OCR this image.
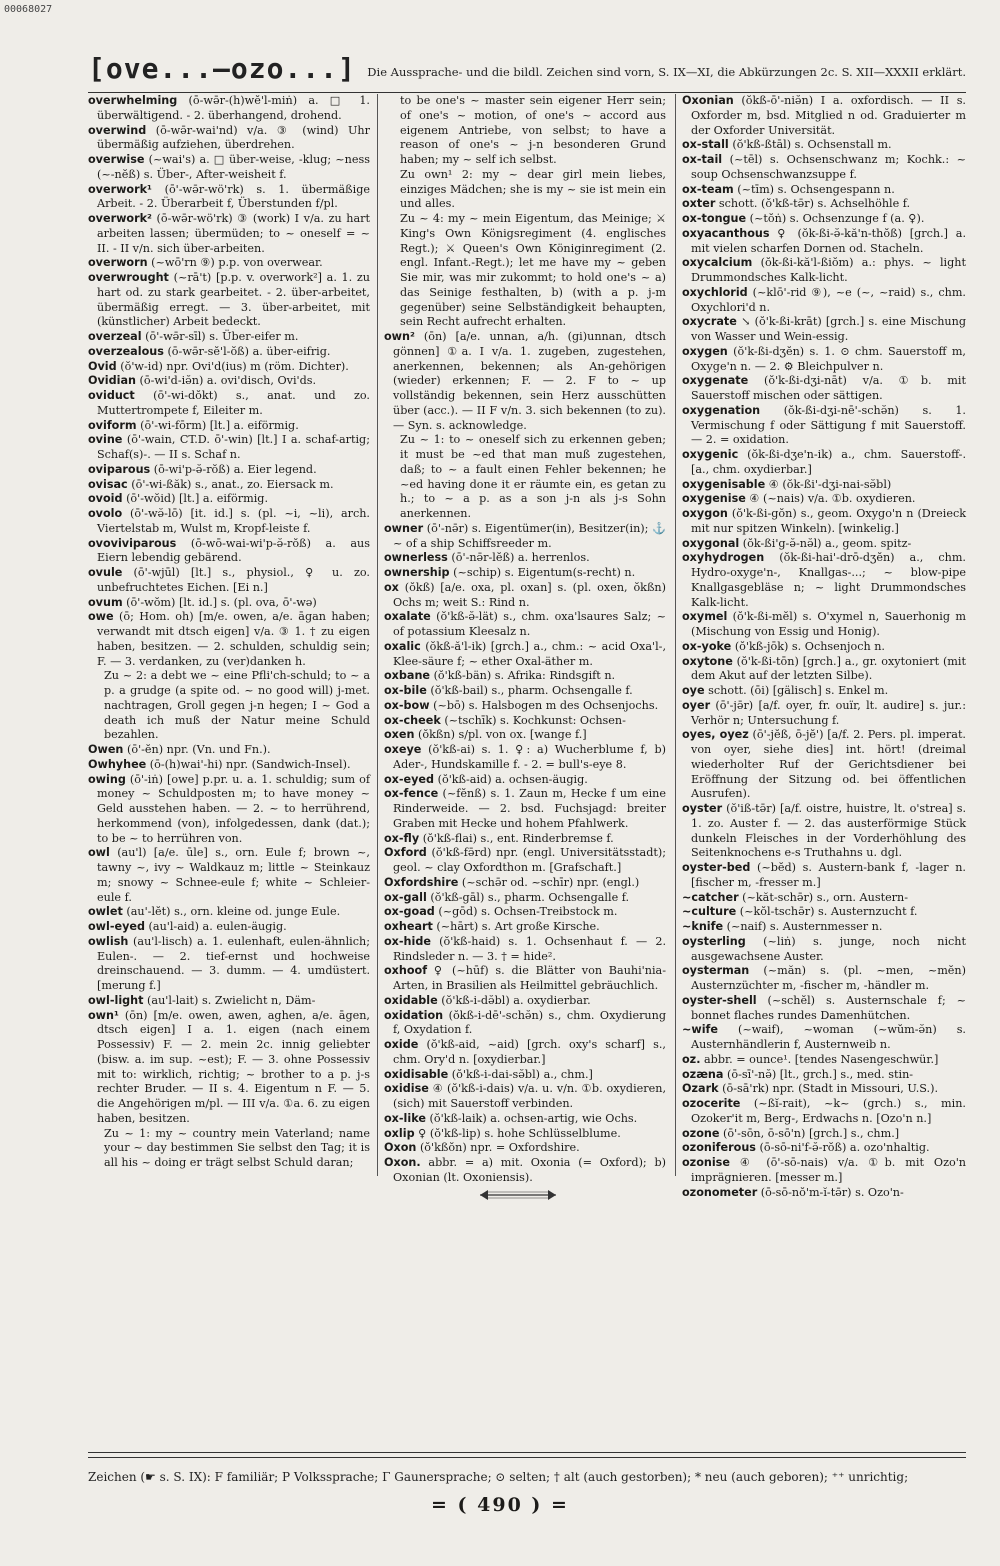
00068027
[ove...—ozo...] Die Aussprache- und die bildl. Zeichen sind vorn, S. IX—XI, die Abkürzungen 2c. S. XII—XXXII erklärt.

overwhelming (ō-wə̄r-(h)wĕ'l-miṅ) a. □ 1. überwältigend. - 2. überhangend, drohend.

overwind (ō-wə̄r-wai'nd) v/a. ③ (wind) Uhr übermäßig aufziehen, überdrehen.

overwise (~wai's) a. □ über-weise, -klug; ~ness (~-nĕß) s. Über-, After-weisheit f.

overwork¹ (ō'-wə̄r-wö'rk) s. 1. übermäßige Arbeit. - 2. Überarbeit f, Überstunden f/pl.

overwork² (ō-wə̄r-wö'rk) ③ (work) I v/a. zu hart arbeiten lassen; übermüden; to ~ oneself = ~ II. - II v/n. sich über-arbeiten.

overworn (~wō'rn ⑨) p.p. von overwear.

overwrought (~rā't) [p.p. v. overwork²] a. 1. zu hart od. zu stark gearbeitet. - 2. über-arbeitet, übermäßig erregt. — 3. über-arbeitet, mit (künstlicher) Arbeit bedeckt.

overzeal (ō'-wə̄r-sīl) s. Über-eifer m.

overzealous (ō-wə̄r-sĕ'l-ŏß) a. über-eifrig.

Ovid (ŏ'w-id) npr. Ovi'd(ius) m (röm. Dichter).

Ovidian (ō-wi'd-iə̆n) a. ovi'disch, Ovi'ds.

oviduct (ō'-wi-dŏkt) s., anat. und zo. Muttertrompete f, Eileiter m.

oviform (ō'-wi-fōrm) [lt.] a. eiförmig.

ovine (ō'-wain, CT.D. ō'-win) [lt.] I a. schaf-artig; Schaf(s)-. — II s. Schaf n.

oviparous (ō-wi'p-ə̆-rŏß) a. Eier legend.

ovisac (ō'-wi-ßăk) s., anat., zo. Eiersack m.

ovoid (ō'-wŏid) [lt.] a. eiförmig.

ovolo (ō'-wə̆-lō) [it. id.] s. (pl. ~i, ~li), arch. Viertelstab m, Wulst m, Kropf-leiste f.

ovoviviparous (ō-wō-wai-wi'p-ə̆-rŏß) a. aus Eiern lebendig gebärend.

ovule (ō'-wjūl) [lt.] s., physiol., ♀ u. zo. unbefruchtetes Eichen. [Ei n.]

ovum (ō'-wŏm) [lt. id.] s. (pl. ova, ō'-wə)

owe (ō; Hom. oh) [m/e. owen, a/e. āgan haben; verwandt mit dtsch eigen] v/a. ③ 1. † zu eigen haben, besitzen. — 2. schulden, schuldig sein; F. — 3. verdanken, zu (ver)danken h.

Zu ~ 2: a debt we ~ eine Pfli'ch-schuld; to ~ a p. a grudge (a spite od. ~ no good will) j-met. nachtragen, Groll gegen j-n hegen; I ~ God a death ich muß der Natur meine Schuld bezahlen.

Owen (ō'-ĕn) npr. (Vn. und Fn.).

Owhyhee (ō-(h)wai'-hi) npr. (Sandwich-Insel).

owing (ō'-iṅ) [owe] p.pr. u. a. 1. schuldig; sum of money ~ Schuldposten m; to have money ~ Geld ausstehen haben. — 2. ~ to herrührend, herkommend (von), infolgedessen, dank (dat.); to be ~ to herrühren von.

owl (au'l) [a/e. ūle] s., orn. Eule f; brown ~, tawny ~, ivy ~ Waldkauz m; little ~ Steinkauz m; snowy ~ Schnee-eule f; white ~ Schleier-eule f.

owlet (au'-lĕt) s., orn. kleine od. junge Eule.

owl-eyed (au'l-aid) a. eulen-äugig.

owlish (au'l-lisch) a. 1. eulenhaft, eulen-ähnlich; Eulen-. — 2. tief-ernst und hochweise dreinschauend. — 3. dumm. — 4. umdüstert. [merung f.]

owl-light (au'l-lait) s. Zwielicht n, Däm-

own¹ (ōn) [m/e. owen, awen, aghen, a/e. āgen, dtsch eigen] I a. 1. eigen (nach einem Possessiv) F. — 2. mein 2c. innig geliebter (bisw. a. im sup. ~est); F. — 3. ohne Possessiv mit to: wirklich, richtig; ~ brother to a p. j-s rechter Bruder. — II s. 4. Eigentum n F. — 5. die Angehörigen m/pl. — III v/a. ①a. 6. zu eigen haben, besitzen.

Zu ~ 1: my ~ country mein Vaterland; name your ~ day bestimmen Sie selbst den Tag; it is all his ~ doing er trägt selbst Schuld daran;

to be one's ~ master sein eigener Herr sein; of one's ~ motion, of one's ~ accord aus eigenem Antriebe, von selbst; to have a reason of one's ~ j-n besonderen Grund haben; my ~ self ich selbst.

Zu own¹ 2: my ~ dear girl mein liebes, einziges Mädchen; she is my ~ sie ist mein ein und alles.

Zu ~ 4: my ~ mein Eigentum, das Meinige; ⚔ King's Own Königsregiment (4. englisches Regt.); ⚔ Queen's Own Königinregiment (2. engl. Infant.-Regt.); let me have my ~ geben Sie mir, was mir zukommt; to hold one's ~ a) das Seinige festhalten, b) (with a p. j-m gegenüber) seine Selbständigkeit behaupten, sein Recht aufrecht erhalten.

own² (ōn) [a/e. unnan, a/h. (gi)unnan, dtsch gönnen] ①a. I v/a. 1. zugeben, zugestehen, anerkennen, bekennen; als An-gehörigen (wieder) erkennen; F. — 2. F to ~ up vollständig bekennen, sein Herz ausschütten über (acc.). — II F v/n. 3. sich bekennen (to zu). — Syn. s. acknowledge.

Zu ~ 1: to ~ oneself sich zu erkennen geben; it must be ~ed that man muß zugestehen, daß; to ~ a fault einen Fehler bekennen; he ~ed having done it er räumte ein, es getan zu h.; to ~ a p. as a son j-n als j-s Sohn anerkennen.

owner (ō'-nə̄r) s. Eigentümer(in), Besitzer(in); ⚓ ~ of a ship Schiffsreeder m.

ownerless (ō'-nə̄r-lĕß) a. herrenlos.

ownership (~schip) s. Eigentum(s-recht) n.

ox (ŏkß) [a/e. oxa, pl. oxan] s. (pl. oxen, ŏkßn) Ochs m; weit S.: Rind n.

oxalate (ŏ'kß-ə̆-lät) s., chm. oxa'lsaures Salz; ~ of potassium Kleesalz n.

oxalic (ŏkß-ă'l-ik) [grch.] a., chm.: ~ acid Oxa'l-, Klee-säure f; ~ ether Oxal-äther m.

oxbane (ŏ'kß-bän) s. Afrika: Rindsgift n.

ox-bile (ŏ'kß-bail) s., pharm. Ochsengalle f.

ox-bow (~bō) s. Halsbogen m des Ochsenjochs.

ox-cheek (~tschīk) s. Kochkunst: Ochsen-

oxen (ŏkßn) s/pl. von ox. [wange f.]

oxeye (ŏ'kß-ai) s. 1. ♀: a) Wucherblume f, b) Ader-, Hundskamille f. - 2. = bull's-eye 8.

ox-eyed (ŏ'kß-aid) a. ochsen-äugig.

ox-fence (~fĕnß) s. 1. Zaun m, Hecke f um eine Rinderweide. — 2. bsd. Fuchsjagd: breiter Graben mit Hecke und hohem Pfahlwerk.

ox-fly (ŏ'kß-flai) s., ent. Rinderbremse f.

Oxford (ŏ'kß-fə̄rd) npr. (engl. Universitätsstadt); geol. ~ clay Oxfordthon m. [Grafschaft.]

Oxfordshire (~schə̄r od. ~schīr) npr. (engl.)

ox-gall (ŏ'kß-gāl) s., pharm. Ochsengalle f.

ox-goad (~gōd) s. Ochsen-Treibstock m.

oxheart (~hārt) s. Art große Kirsche.

ox-hide (ŏ'kß-haid) s. 1. Ochsenhaut f. — 2. Rindsleder n. — 3. † = hide².

oxhoof ♀ (~hūf) s. die Blätter von Bauhi'nia-Arten, in Brasilien als Heilmittel gebräuchlich.

oxidable (ŏ'kß-i-də̆bl) a. oxydierbar.

oxidation (ŏkß-i-dē'-schə̆n) s., chm. Oxydierung f, Oxydation f.

oxide (ŏ'kß-aid, ~aid) [grch. oxy's scharf] s., chm. Ory'd n. [oxydierbar.]

oxidisable (ŏ'kß-i-dai-sə̆bl) a., chm.]

oxidise ④ (ŏ'kß-i-dais) v/a. u. v/n. ①b. oxydieren, (sich) mit Sauerstoff verbinden.

ox-like (ŏ'kß-laik) a. ochsen-artig, wie Ochs.

oxlip ♀ (ŏ'kß-lip) s. hohe Schlüsselblume.

Oxon (ŏ'kßŏn) npr. = Oxfordshire.

Oxon. abbr. = a) mit. Oxonia (= Oxford); b) Oxonian (lt. Oxoniensis).

Oxonian (ŏkß-ō'-niə̆n) I a. oxfordisch. — II s. Oxforder m, bsd. Mitglied n od. Graduierter m der Oxforder Universität.

ox-stall (ŏ'kß-ßtāl) s. Ochsenstall m.

ox-tail (~tēl) s. Ochsenschwanz m; Kochk.: ~ soup Ochsenschwanzsuppe f.

ox-team (~tīm) s. Ochsengespann n.

oxter schott. (ŏ'kß-tə̄r) s. Achselhöhle f.

ox-tongue (~tŏṅ) s. Ochsenzunge f (a. ♀).

oxyacanthous ♀ (ŏk-ßi-ə̆-kă'n-thŏß) [grch.] a. mit vielen scharfen Dornen od. Stacheln.

oxycalcium (ŏk-ßi-kă'l-ßiŏm) a.: phys. ~ light Drummondsches Kalk-licht.

oxychlorid (~klō'-rid ⑨), ~e (~, ~raid) s., chm. Oxychlori'd n.

oxycrate ↘ (ŏ'k-ßi-krāt) [grch.] s. eine Mischung von Wasser und Wein-essig.

oxygen (ŏ'k-ßi-dʒĕn) s. 1. ⊙ chm. Sauerstoff m, Oxyge'n n. — 2. ⚙ Bleichpulver n.

oxygenate (ŏ'k-ßi-dʒi-nāt) v/a. ①b. mit Sauerstoff mischen oder sättigen.

oxygenation (ŏk-ßi-dʒi-nē'-schə̆n) s. 1. Vermischung f oder Sättigung f mit Sauerstoff. — 2. = oxidation.

oxygenic (ŏk-ßi-dʒe'n-ik) a., chm. Sauerstoff-. [a., chm. oxydierbar.]

oxygenisable ④ (ŏk-ßi'-dʒi-nai-sə̆bl)

oxygenise ④ (~nais) v/a. ①b. oxydieren.

oxygon (ŏ'k-ßi-gŏn) s., geom. Oxygo'n n (Dreieck mit nur spitzen Winkeln). [winkelig.]

oxygonal (ŏk-ßi'g-ə̆-nə̆l) a., geom. spitz-

oxyhydrogen (ŏk-ßi-hai'-drō-dʒĕn) a., chm. Hydro-oxyge'n-, Knallgas-...; ~ blow-pipe Knallgasgebläse n; ~ light Drummondsches Kalk-licht.

oxymel (ŏ'k-ßi-mĕl) s. O'xymel n, Sauerhonig m (Mischung von Essig und Honig).

ox-yoke (ŏ'kß-jōk) s. Ochsenjoch n.

oxytone (ŏ'k-ßi-tōn) [grch.] a., gr. oxytoniert (mit dem Akut auf der letzten Silbe).

oye schott. (ōi) [gälisch] s. Enkel m.

oyer (ō'-jə̄r) [a/f. oyer, fr. ouïr, lt. audire] s. jur.: Verhör n; Untersuchung f.

oyes, oyez (ō'-jĕß, ō-jĕ') [a/f. 2. Pers. pl. imperat. von oyer, siehe dies] int. hört! (dreimal wiederholter Ruf der Gerichtsdiener bei Eröffnung der Sitzung od. bei öffentlichen Ausrufen).

oyster (ŏ'iß-tə̄r) [a/f. oistre, huistre, lt. o'strea] s. 1. zo. Auster f. — 2. das austerförmige Stück dunkeln Fleisches in der Vorderhöhlung des Seitenknochens e-s Truthahns u. dgl.

oyster-bed (~bĕd) s. Austern-bank f, -lager n. [fischer m, -fresser m.]

~catcher (~kăt-schə̄r) s., orn. Austern-

~culture (~kŏl-tschə̄r) s. Austernzucht f.

~knife (~naif) s. Austernmesser n.

oysterling (~liṅ) s. junge, noch nicht ausgewachsene Auster.

oysterman (~măn) s. (pl. ~men, ~mĕn) Austernzüchter m, -fischer m, -händler m.

oyster-shell (~schĕl) s. Austernschale f; ~ bonnet flaches rundes Damenhütchen.

~wife (~waif), ~woman (~wŭm-ə̆n) s. Austernhändlerin f, Austernweib n.

oz. abbr. = ounce¹. [tendes Nasengeschwür.]

ozæna (ō-sī'-nə̆) [lt., grch.] s., med. stin-

Ozark (ō-sā'rk) npr. (Stadt in Missouri, U.S.).

ozocerite (~ßĭ-rait), ~k~ (grch.) s., min. Ozoker'it m, Berg-, Erdwachs n. [Ozo'n n.]

ozone (ō'-sōn, ō-sō'n) [grch.] s., chm.]

ozoniferous (ō-sō-ni'f-ə̆-rŏß) a. ozo'nhaltig.

ozonise ④ (ō'-sō-nais) v/a. ①b. mit Ozo'n imprägnieren. [messer m.]

ozonometer (ō-sō-nŏ'm-ĭ-tə̄r) s. Ozo'n-

Zeichen (☛ s. S. IX): F familiär; P Volkssprache; Γ Gaunersprache; ⊙ selten; † alt (auch gestorben); * neu (auch geboren); ⁺⁺ unrichtig;
= ( 490 ) =
